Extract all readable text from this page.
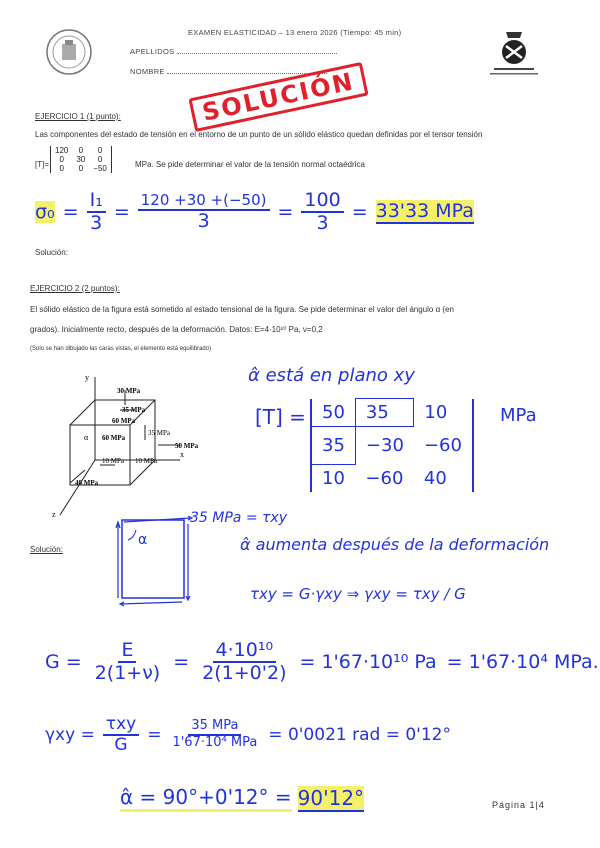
EXAMEN ELASTICIDAD – 13 enero 2026 (Tiempo: 45 min)
APELLIDOS
NOMBRE	SOLUCIÓN
EJERCICIO 1 (1 punto):
Las componentes del estado de tensión en el entorno de un punto de un sólido elástico quedan definidas por el tensor tensión
[T]=
120	0	0
0	30	0
0	0	−50	MPa. Se pide determinar el valor de la tensión normal octaédrica
$\sigma_0 = \frac{\text{I₁}}{3} = \frac{120 +30 +(-50)}{3} = \frac{100}{3} = 33'33$ MPa
Solución:
EJERCICIO 2 (2 puntos):
El sólido elástico de la figura está sometido al estado tensional de la figura. Se pide determinar el valor del ángulo α (en
grados). Inicialmente recto, después de la deformación. Datos: E=4·10¹⁰ Pa, ν=0,2
(Solo se han dibujado las caras vistas, el elemento está equilibrado)
y
x
z
30 MPa
35 MPa
60 MPa
35 MPa
60 MPa
50 MPa
10 MPa 10 MPa
40 MPa
α
α̂ está en plano xy
[T] = 50	35	10
35	−30	−60
10	−60	40
MPa
α
35 MPa = τxy
α̂ aumenta después de la deformación
τxy = G·γxy ⇒ γxy = τxy / G
Solución:
$G = \frac{E}{2(1+\nu)} = \frac{\text{4·10¹⁰}}{2(1+0'2)} = 1'67\cdot 10^{10}$ Pa = 1'67·10⁴ MPa.
$\gamma xy = \frac{\text{τxy}}{G} = \frac{\text{35 MPa}}{\text{1'67·10⁴ MPa}} = 0'0021$ rad = 0'12°
α̂ = 90°+0'12° = 90'12°	Página 1|4
